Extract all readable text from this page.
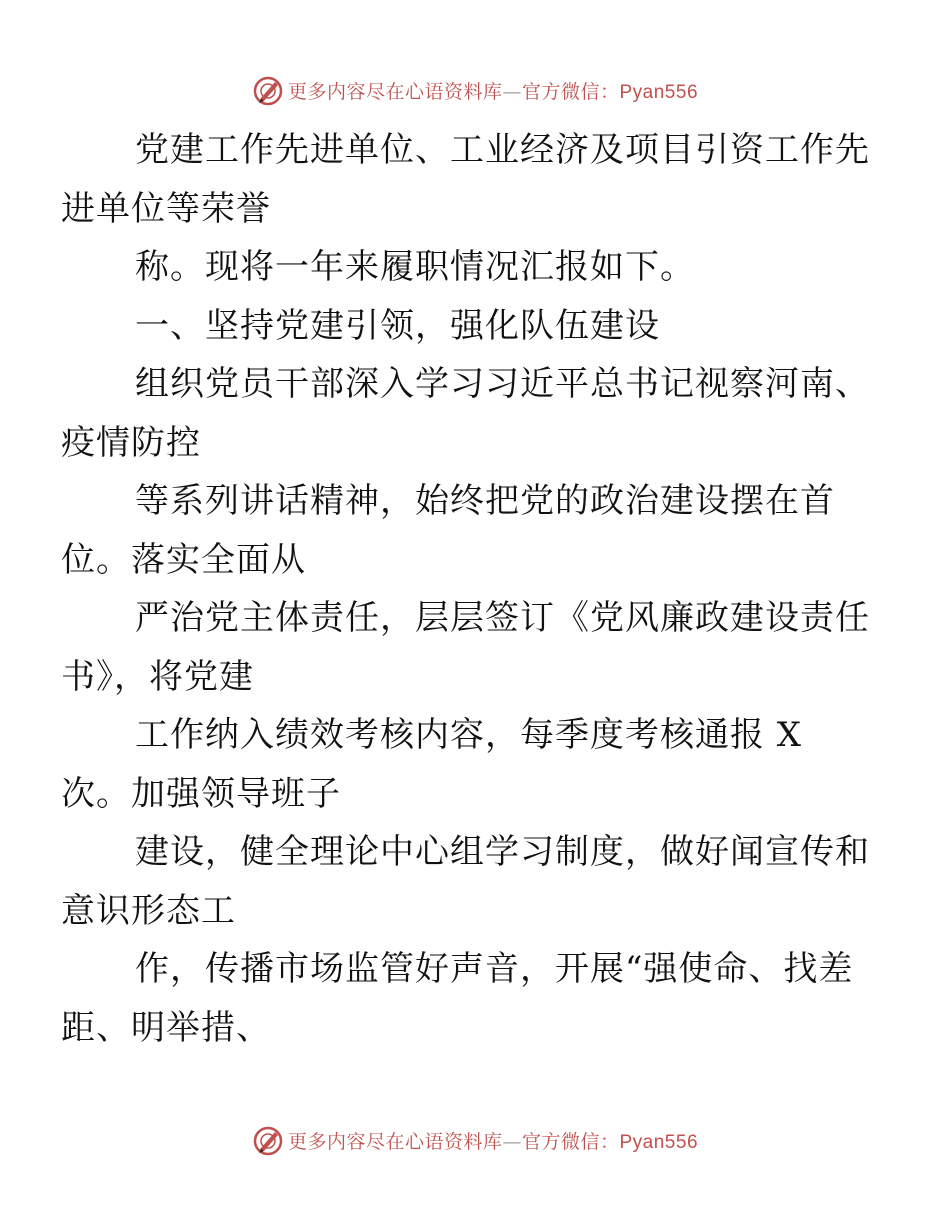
更多内容尽在心语资料库—官方微信：Pyan556

党建工作先进单位、工业经济及项目引资工作先
进单位等荣誉

称。现将一年来履职情况汇报如下。

一、坚持党建引领，强化队伍建设

组织党员干部深入学习习近平总书记视察河南、
疫情防控

等系列讲话精神，始终把党的政治建设摆在首
位。落实全面从

严治党主体责任，层层签订《党风廉政建设责任
书》，将党建

工作纳入绩效考核内容，每季度考核通报 X
次。加强领导班子

建设，健全理论中心组学习制度，做好闻宣传和
意识形态工

作，传播市场监管好声音，开展“强使命、找差
距、明举措、

更多内容尽在心语资料库—官方微信：Pyan556
